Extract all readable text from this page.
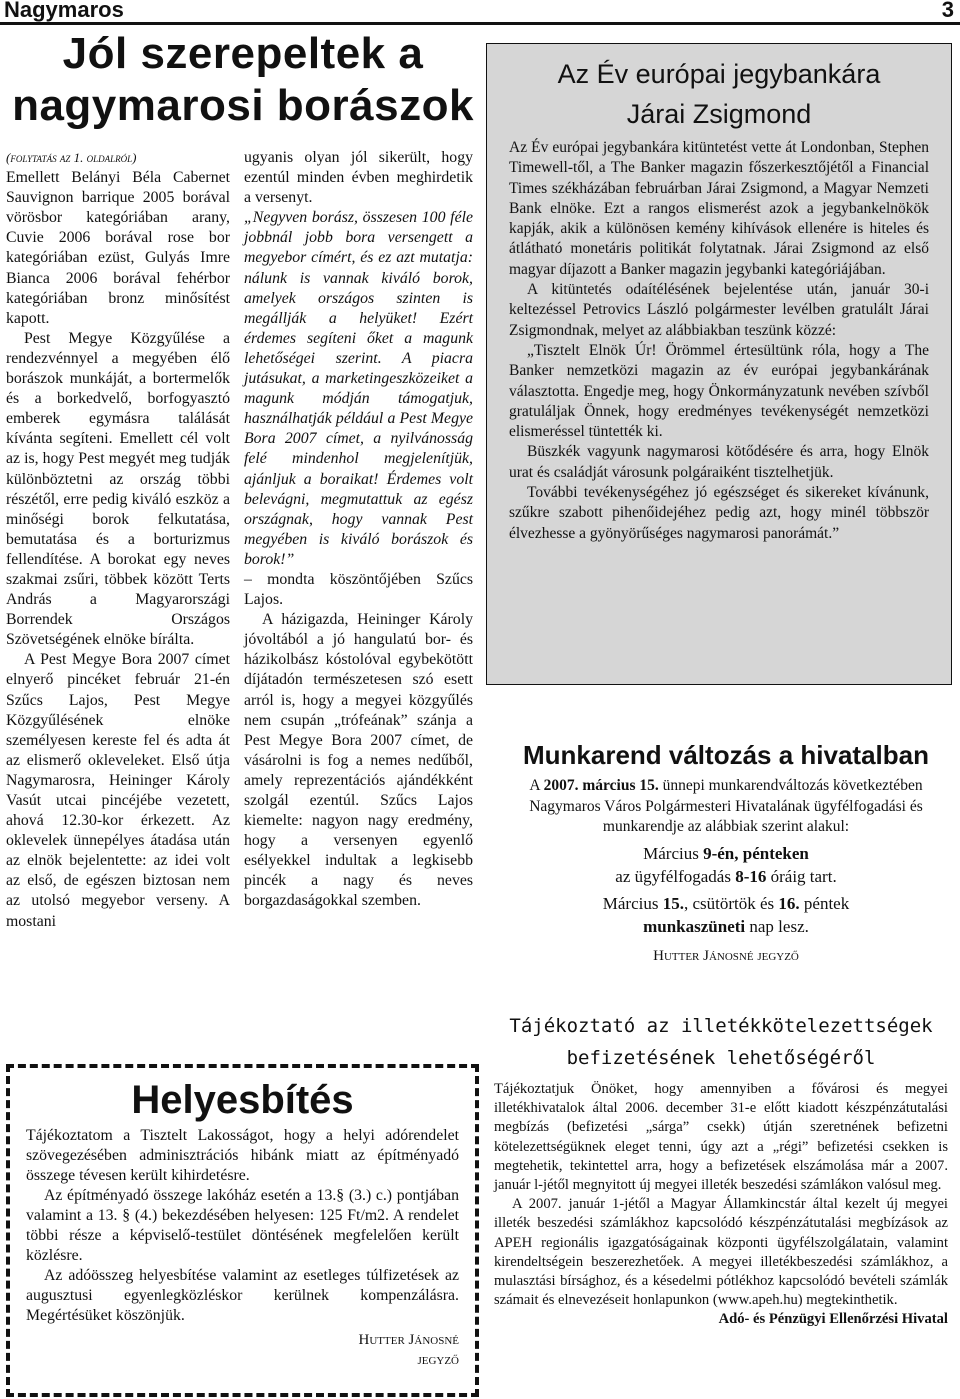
Nagymaros	3
Jól szerepeltek a nagymarosi borászok

(folytatás az 1. oldalról)

Emellett Belányi Béla Cabernet Sauvignon barrique 2005 borával vörösbor kategóriában arany, Cuvie 2006 borával rose bor kategóriában ezüst, Gulyás Imre Bianca 2006 borával fehérbor kategóriában bronz minősítést kapott.

Pest Megye Közgyűlése a rendezvénnyel a megyében élő borászok munkáját, a bortermelők és a borkedvelő, borfogyasztó emberek egymásra találását kívánta segíteni. Emellett cél volt az is, hogy Pest megyét meg tudják különböztetni az ország többi részétől, erre pedig kiváló eszköz a minőségi borok felkutatása, bemutatása és a borturizmus fellendítése. A borokat egy neves szakmai zsűri, többek között Terts András a Magyarországi Borrendek Országos Szövetségének elnöke bírálta.

A Pest Megye Bora 2007 címet elnyerő pincéket február 21-én Szűcs Lajos, Pest Megye Közgyűlésének elnöke személyesen kereste fel és adta át az elismerő okleveleket. Első útja Nagymarosra, Heininger Károly Vasút utcai pincéjébe vezetett, ahová 12.30-kor érkezett. Az oklevelek ünnepélyes átadása után az elnök bejelentette: az idei volt az első, de egészen biztosan nem az utolsó megyebor verseny. A mostani

ugyanis olyan jól sikerült, hogy ezentúl minden évben meghirdetik a versenyt.

„Negyven borász, összesen 100 féle jobbnál jobb bora versengett a megyebor címért, és ez azt mutatja: nálunk is vannak kiváló borok, amelyek országos szinten is megállják a helyüket! Ezért érdemes segíteni őket a magunk lehetőségei szerint. A piacra jutásukat, a marketingeszközeiket a magunk módján támogatjuk, használhatják például a Pest Megye Bora 2007 címet, a nyilvánosság felé mindenhol megjelenítjük, ajánljuk a boraikat! Érdemes volt belevágni, megmutattuk az egész országnak, hogy vannak Pest megyében is kiváló borászok és borok!”

– mondta köszöntőjében Szűcs Lajos.

A házigazda, Heininger Károly jóvoltából a jó hangulatú bor- és házikolbász kóstolóval egybekötött díjátadón természetesen szó esett arról is, hogy a megyei közgyűlés nem csupán „trófeának” szánja a Pest Megye Bora 2007 címet, de vásárolni is fog a nemes nedűből, amely reprezentációs ajándékként szolgál ezentúl. Szűcs Lajos kiemelte: nagyon nagy eredmény, hogy a versenyen egyenlő esélyekkel indultak a legkisebb pincék a nagy és neves borgazdaságokkal szemben.

Az Év európai jegybankára
Járai Zsigmond

Az Év európai jegybankára kitüntetést vette át Londonban, Stephen Timewell-től, a The Banker magazin főszerkesztőjétől a Financial Times székházában februárban Járai Zsigmond, a Magyar Nemzeti Bank elnöke. Ezt a rangos elismerést azok a jegybankelnökök kapják, akik a különösen kemény kihívások ellenére is hiteles és átlátható monetáris politikát folytatnak. Járai Zsigmond az első magyar díjazott a Banker magazin jegybanki kategóriájában.

A kitüntetés odaítélésének bejelentése után, január 30-i keltezéssel Petrovics László polgármester levélben gratulált Járai Zsigmondnak, melyet az alábbiakban teszünk közzé:

„Tisztelt Elnök Úr! Örömmel értesültünk róla, hogy a The Banker nemzetközi magazin az év európai jegybankárának választotta. Engedje meg, hogy Önkormányzatunk nevében szívből gratuláljak Önnek, hogy eredményes tevékenységét nemzetközi elismeréssel tüntették ki.

Büszkék vagyunk nagymarosi kötődésére és arra, hogy Elnök urat és családját városunk polgáraiként tisztelhetjük.

További tevékenységéhez jó egészséget és sikereket kívánunk, szűkre szabott pihenőidejéhez pedig azt, hogy minél többször élvezhesse a gyönyörűséges nagymarosi panorámát.”

Munkarend változás a hivatalban

A 2007. március 15. ünnepi munkarendváltozás következtében Nagymaros Város Polgármesteri Hivatalának ügyfélfogadási és munkarendje az alábbiak szerint alakul:

Március 9-én, pénteken

az ügyfélfogadás 8-16 óráig tart.

Március 15., csütörtök és 16. péntek

munkaszüneti nap lesz.

Hutter Jánosné jegyző

Tájékoztató az illetékkötelezettségek
befizetésének lehetőségéről

Tájékoztatjuk Önöket, hogy amennyiben a fővárosi és megyei illetékhivatalok által 2006. december 31-e előtt kiadott készpénzátutalási megbízás (befizetési „sárga” csekk) útján szeretnének befizetni kötelezettségüknek eleget tenni, úgy azt a „régi” befizetési csekken is megtehetik, tekintettel arra, hogy a befizetések elszámolása már a 2007. január l-jétől megnyitott új megyei illeték beszedési számlákon valósul meg.

A 2007. január 1-jétől a Magyar Államkincstár által kezelt új megyei illeték beszedési számlákhoz kapcsolódó készpénzátutalási megbízások az APEH regionális igazgatóságainak központi ügyfélszolgálatain, valamint kirendeltségein beszerezhetőek. A megyei illetékbeszedési számlákhoz, a mulasztási bírsághoz, és a késedelmi pótlékhoz kapcsolódó bevételi számlák számait és elnevezéseit honlapunkon (www.apeh.hu) megtekinthetik.

Adó- és Pénzügyi Ellenőrzési Hivatal

Helyesbítés

Tájékoztatom a Tisztelt Lakosságot, hogy a helyi adórendelet szövegezésében adminisztrációs hibánk miatt az építményadó összege tévesen került kihirdetésre.

Az építményadó összege lakóház esetén a 13.§ (3.) c.) pontjában valamint a 13. § (4.) bekezdésében helyesen: 125 Ft/m2. A rendelet többi része a képviselő-testület döntésének megfelelően került közlésre.

Az adóösszeg helyesbítése valamint az esetleges túlfizetések az augusztusi egyenlegközléskor kerülnek kompenzálásra. Megértésüket köszönjük.

Hutter Jánosné

jegyző
